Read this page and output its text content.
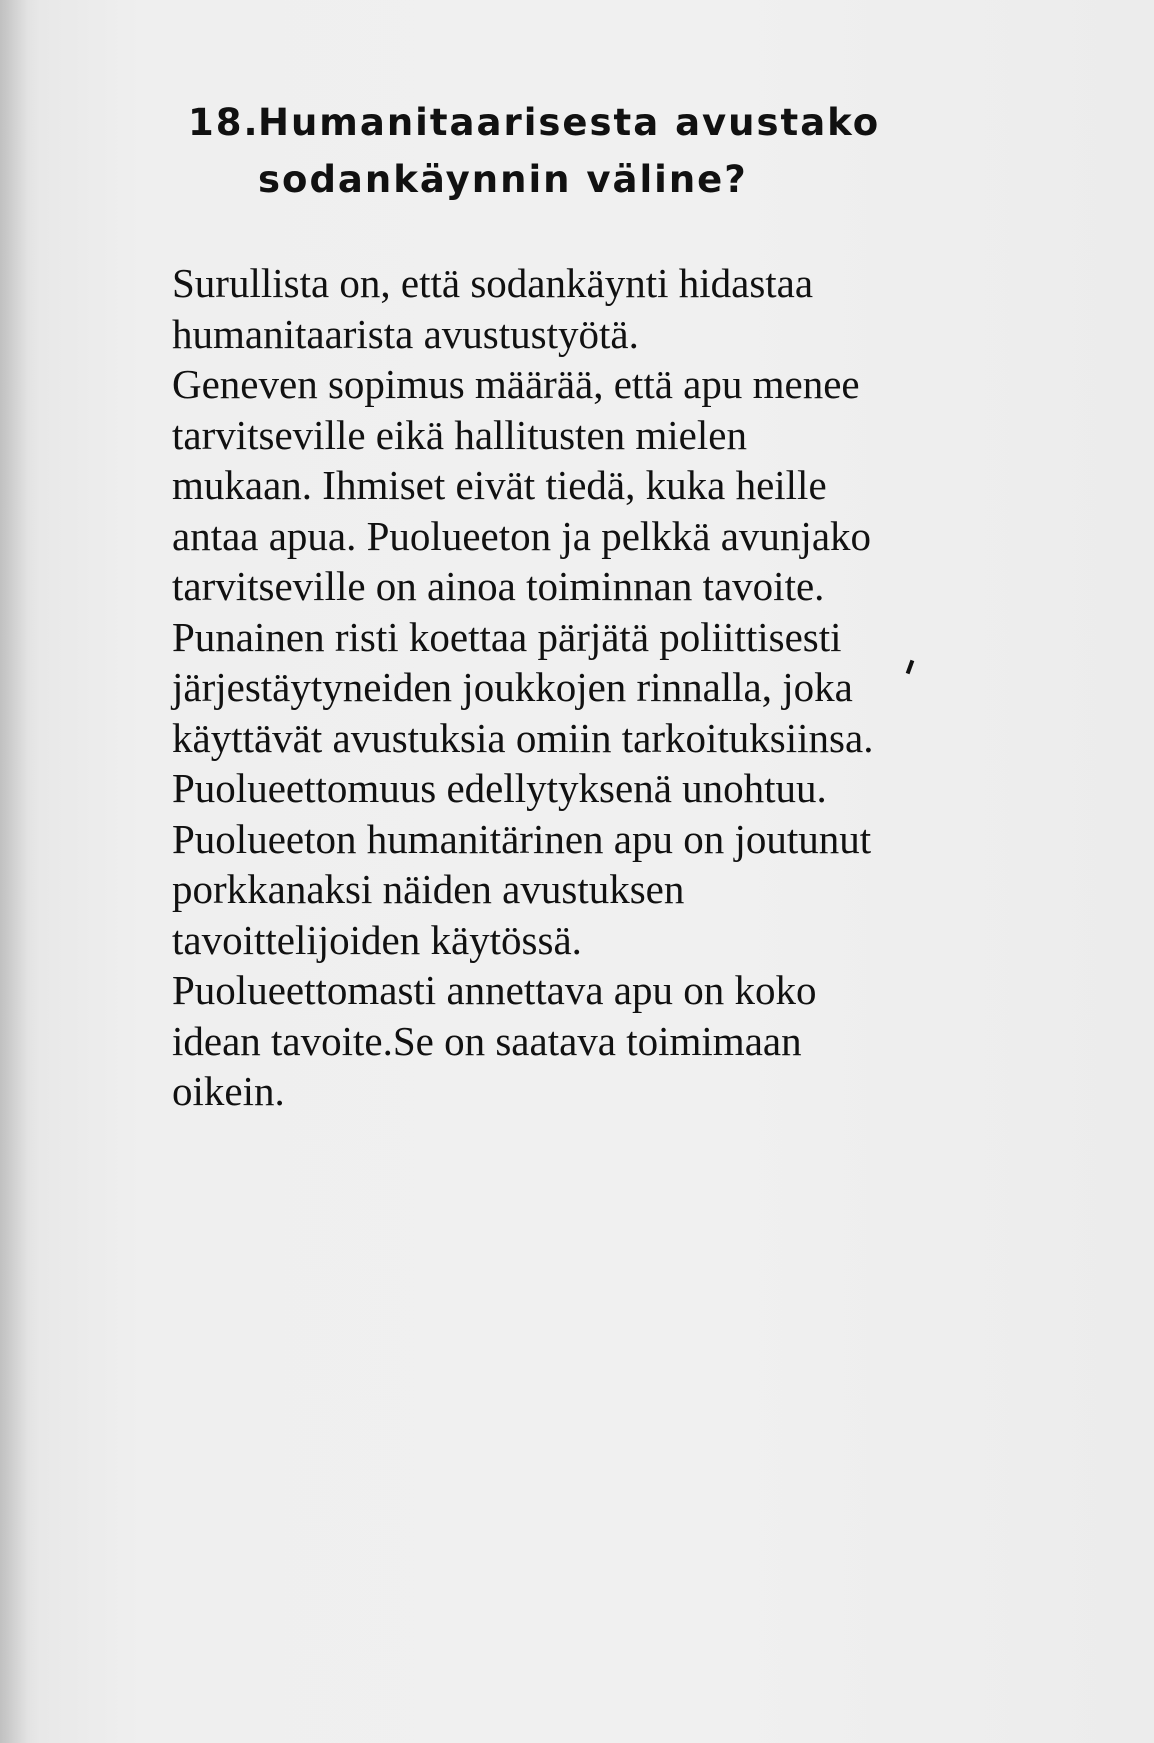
18.Humanitaarisesta avustako
sodankäynnin väline?
Surullista on, että sodankäynti hidastaa
humanitaarista avustustyötä.
Geneven sopimus määrää, että apu menee
tarvitseville eikä hallitusten mielen
mukaan. Ihmiset eivät tiedä, kuka heille
antaa apua. Puolueeton ja pelkkä avunjako
tarvitseville on ainoa toiminnan tavoite.
Punainen risti koettaa pärjätä poliittisesti
järjestäytyneiden joukkojen rinnalla, joka
käyttävät avustuksia omiin tarkoituksiinsa.
Puolueettomuus edellytyksenä unohtuu.
Puolueeton humanitärinen apu on joutunut
porkkanaksi näiden avustuksen
tavoittelijoiden käytössä.
Puolueettomasti annettava apu on koko
idean tavoite.Se on saatava toimimaan
oikein.
